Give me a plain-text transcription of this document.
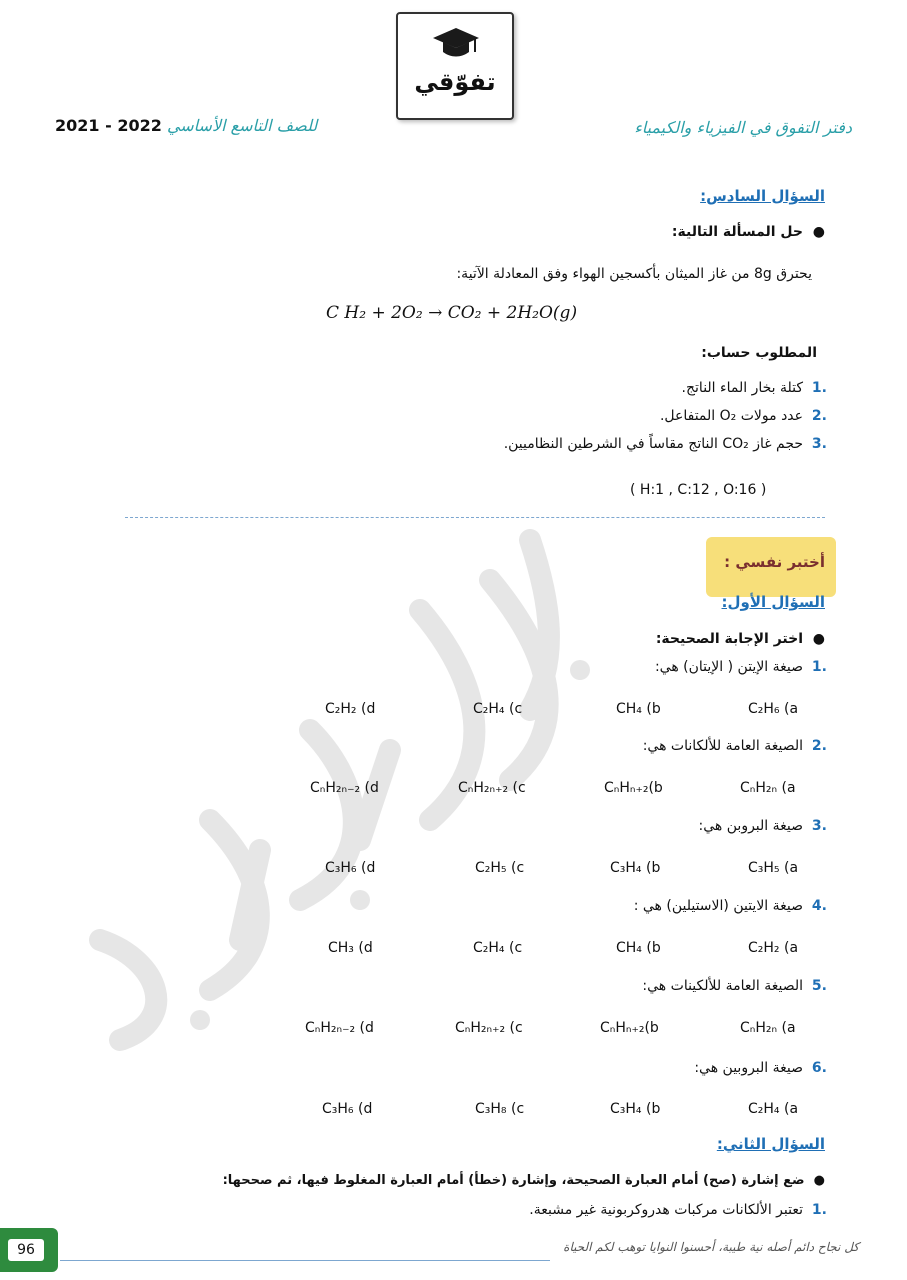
تفوّقي
دفتر التفوق في الفيزياء والكيمياء
2021 - 2022 للصف التاسع الأساسي
السؤال السادس:
●  حل المسألة التالية:
يحترق 8g من غاز الميثان بأكسجين الهواء وفق المعادلة الآتية:
C H₂ + 2O₂ → CO₂ + 2H₂O(g)
المطلوب حساب:
.1  كتلة بخار الماء الناتج.
.2  عدد مولات O₂ المتفاعل.
.3  حجم غاز CO₂ الناتج مقاساً في الشرطين النظاميين.
( H:1 , C:12 , O:16 )
أختبر نفسي :
السؤال الأول:
●  اختر الإجابة الصحيحة:
.1  صيغة الإيتن ( الإيتان) هي:
C₂H₆ (a
CH₄ (b
C₂H₄ (c
C₂H₂ (d
.2  الصيغة العامة للألكانات هي:
CₙH₂ₙ (a
CₙHₙ₊₂(b
CₙH₂ₙ₊₂ (c
CₙH₂ₙ₋₂ (d
.3  صيغة البروبن هي:
C₃H₅ (a
C₃H₄ (b
C₂H₅ (c
C₃H₆ (d
.4  صيغة الايتين (الاستيلين) هي :
C₂H₂ (a
CH₄ (b
C₂H₄ (c
CH₃ (d
.5  الصيغة العامة للألكينات هي:
CₙH₂ₙ (a
CₙHₙ₊₂(b
CₙH₂ₙ₊₂ (c
CₙH₂ₙ₋₂ (d
.6  صيغة البروبين هي:
C₂H₄ (a
C₃H₄ (b
C₃H₈ (c
C₃H₆ (d
السؤال الثاني:
●  ضع إشارة (صح) أمام العبارة الصحيحة، وإشارة (خطأ) أمام العبارة المغلوط فيها، ثم صححها:
.1  تعتبر الألكانات مركبات هدروكربونية غير مشبعة.
96	كل نجاح دائم أصله نية طيبة، أحسنوا النوايا توهب لكم الحياة
